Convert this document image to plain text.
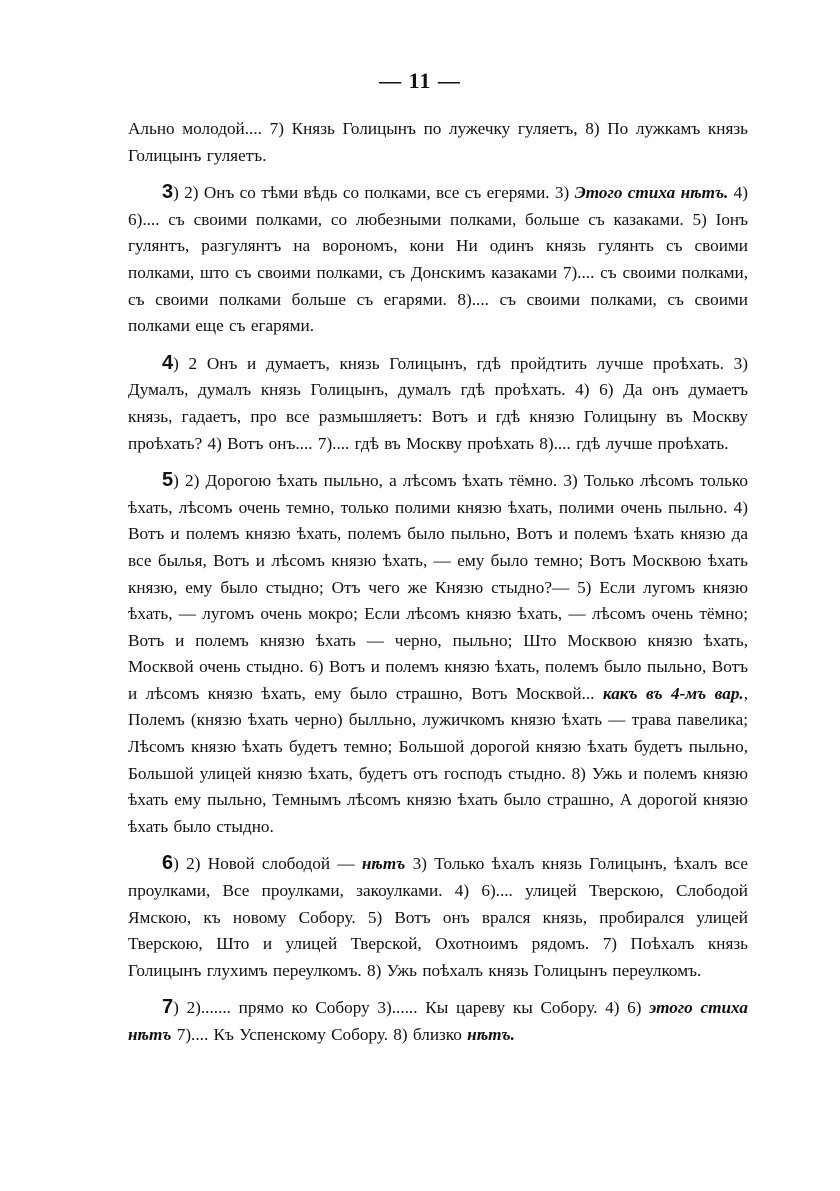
— 11 —

Ально молодой.... 7) Князь Голицынъ по лужечку гуляетъ, 8) По лужкамъ князь Голицынъ гуляетъ.

3) 2) Онъ со тѣми вѣдь со полками, все съ егерями. 3) Этого стиха нѣтъ. 4) 6).... съ своими полками, со любезными полками, больше съ казаками. 5) Іонъ гулянтъ, разгулянтъ на ворономъ, кони Ни одинъ князь гулянть съ своими полками, што съ своими полками, съ Донскимъ казаками 7).... съ своими полками, съ своими полками больше съ егарями. 8).... съ своими полками, съ своими полками еще съ егарями.

4) 2 Онъ и думаетъ, князь Голицынъ, гдѣ пройдтить лучше проѣхать. 3) Думалъ, думалъ князь Голицынъ, думалъ гдѣ проѣхать. 4) 6) Да онъ думаетъ князь, гадаетъ, про все размышляетъ: Вотъ и гдѣ князю Голицыну въ Москву проѣхать? 4) Вотъ онъ.... 7).... гдѣ въ Москву проѣхать 8).... гдѣ лучше проѣхать.

5) 2) Дорогою ѣхать пыльно, а лѣсомъ ѣхать тёмно. 3) Только лѣсомъ только ѣхать, лѣсомъ очень темно, только полими князю ѣхать, полими очень пыльно. 4) Вотъ и полемъ князю ѣхать, полемъ было пыльно, Вотъ и полемъ ѣхать князю да все былья, Вотъ и лѣсомъ князю ѣхать, — ему было темно; Вотъ Москвою ѣхать князю, ему было стыдно; Отъ чего же Князю стыдно?— 5) Если лугомъ князю ѣхать, — лугомъ очень мокро; Если лѣсомъ князю ѣхать, — лѣсомъ очень тёмно; Вотъ и полемъ князю ѣхать — черно, пыльно; Што Москвою князю ѣхать, Москвой очень стыдно. 6) Вотъ и полемъ князю ѣхать, полемъ было пыльно, Вотъ и лѣсомъ князю ѣхать, ему было страшно, Вотъ Москвой... какъ въ 4-мъ вар., Полемъ (князю ѣхать черно) былльно, лужичкомъ князю ѣхать — трава павелика; Лѣсомъ князю ѣхать будетъ темно; Большой дорогой князю ѣхать будетъ пыльно, Большой улицей князю ѣхать, будетъ отъ господъ стыдно. 8) Ужь и полемъ князю ѣхать ему пыльно, Темнымъ лѣсомъ князю ѣхать было страшно, А дорогой князю ѣхать было стыдно.

6) 2) Новой слободой — нѣтъ 3) Только ѣхалъ князь Голицынъ, ѣхалъ все проулками, Все проулками, закоулками. 4) 6).... улицей Тверскою, Слободой Ямскою, къ новому Собору. 5) Вотъ онъ врался князь, пробирался улицей Тверскою, Што и улицей Тверской, Охотноимъ рядомъ. 7) Поѣхалъ князь Голицынъ глухимъ переулкомъ. 8) Ужь поѣхалъ князь Голицынъ переулкомъ.

7) 2)....... прямо ко Собору 3)...... Кы цареву кы Собору. 4) 6) этого стиха нѣтъ 7).... Къ Успенскому Собору. 8) близко нѣтъ.
